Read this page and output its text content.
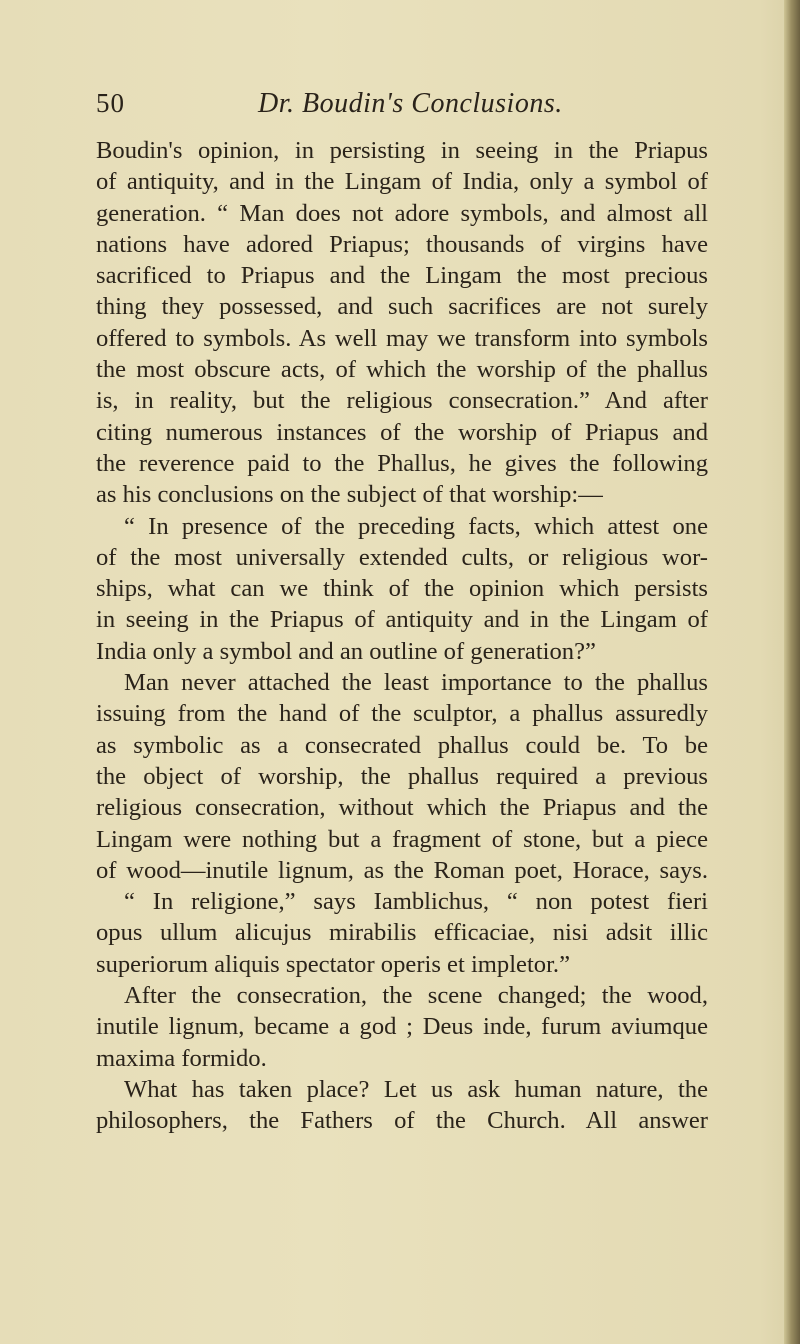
50	Dr. Boudin's Conclusions.
Boudin's opinion, in persisting in seeing in the Priapus
of antiquity, and in the Lingam of India, only a symbol of
generation. “ Man does not adore symbols, and almost all
nations have adored Priapus; thousands of virgins have
sacrificed to Priapus and the Lingam the most precious
thing they possessed, and such sacrifices are not surely
offered to symbols. As well may we transform into symbols
the most obscure acts, of which the worship of the phallus
is, in reality, but the religious consecration.” And after
citing numerous instances of the worship of Priapus and
the reverence paid to the Phallus, he gives the following
as his conclusions on the subject of that worship:—
“ In presence of the preceding facts, which attest one
of the most universally extended cults, or religious wor-
ships, what can we think of the opinion which persists
in seeing in the Priapus of antiquity and in the Lingam of
India only a symbol and an outline of generation?”
Man never attached the least importance to the phallus
issuing from the hand of the sculptor, a phallus assuredly
as symbolic as a consecrated phallus could be. To be
the object of worship, the phallus required a previous
religious consecration, without which the Priapus and the
Lingam were nothing but a fragment of stone, but a piece
of wood—inutile lignum, as the Roman poet, Horace, says.
“ In religione,” says Iamblichus, “ non potest fieri
opus ullum alicujus mirabilis efficaciae, nisi adsit illic
superiorum aliquis spectator operis et impletor.”
After the consecration, the scene changed; the wood,
inutile lignum, became a god ; Deus inde, furum aviumque
maxima formido.
What has taken place? Let us ask human nature, the
philosophers, the Fathers of the Church. All answer
